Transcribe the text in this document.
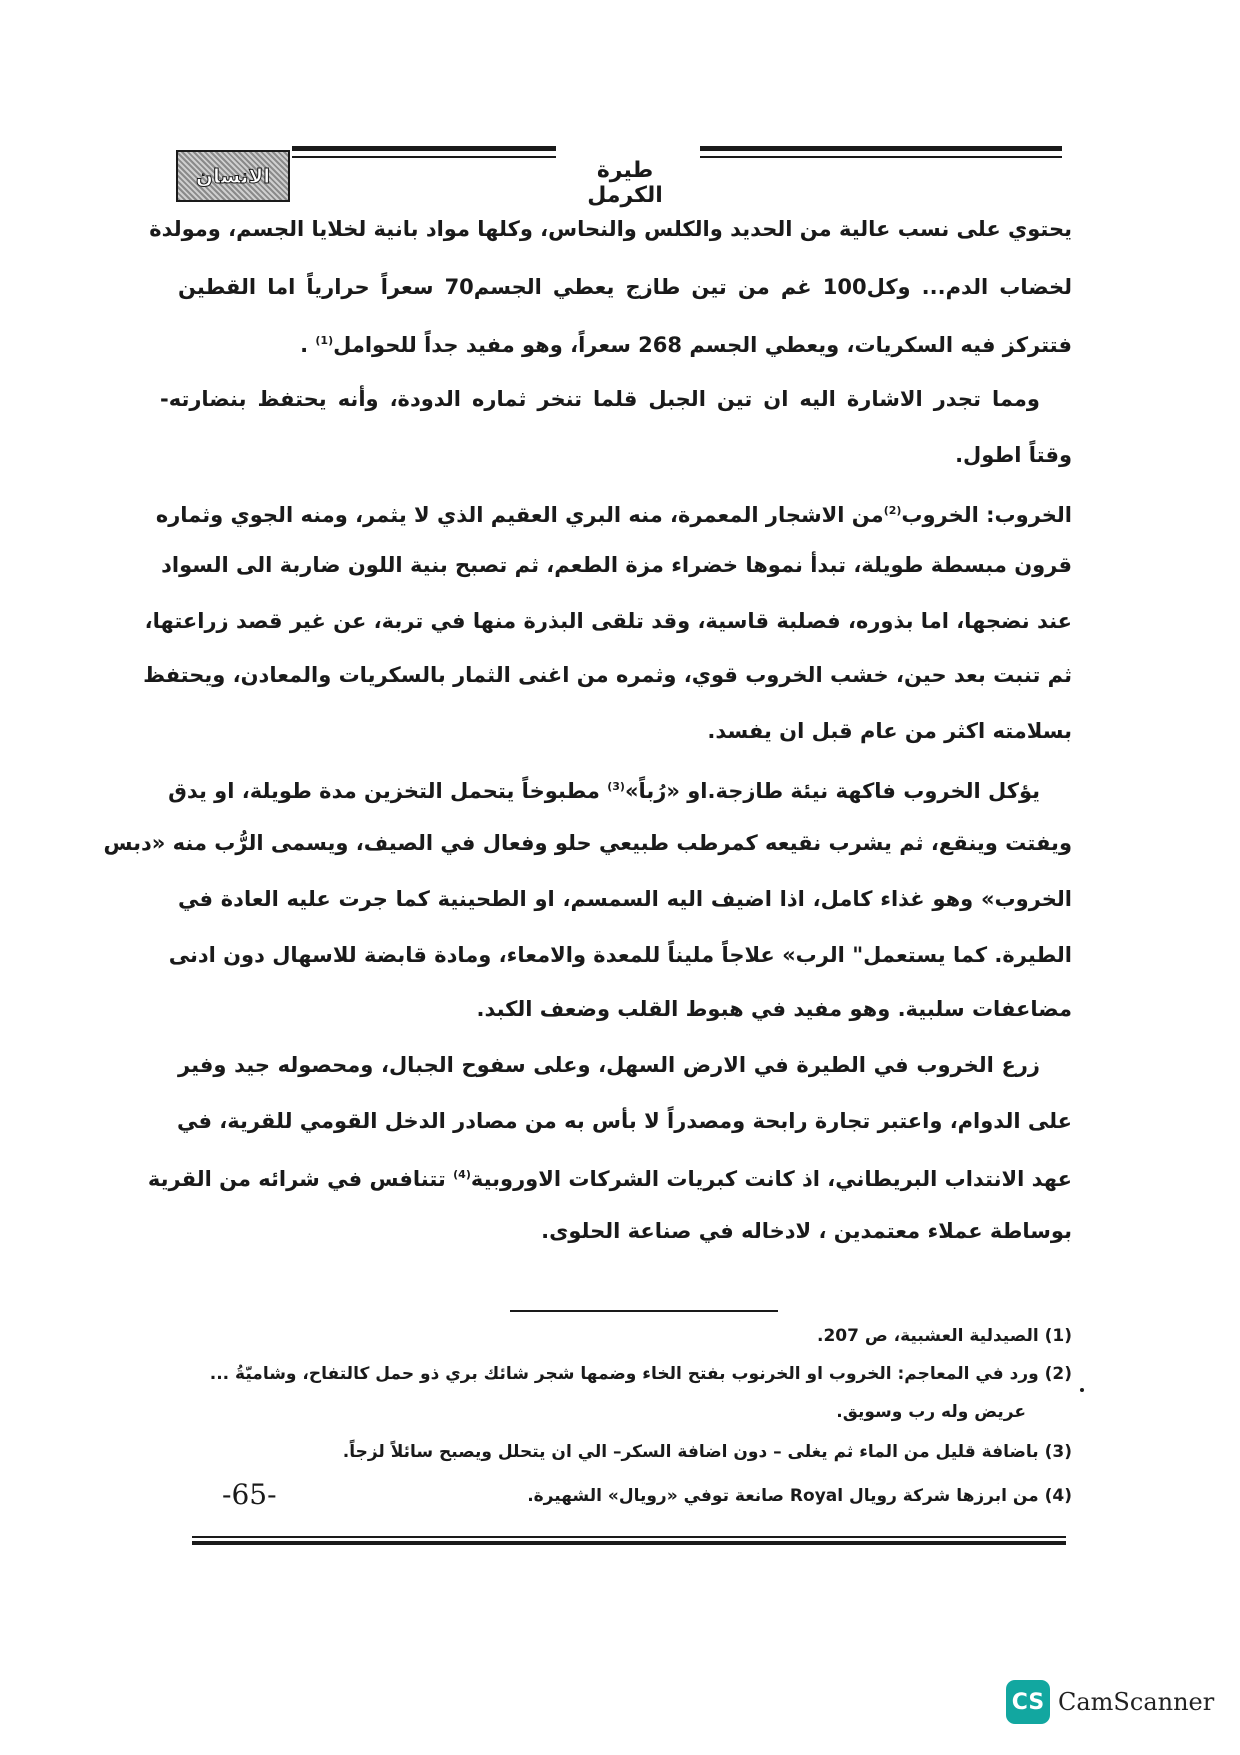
طيرة الكرمل
الانسان
يحتوي على نسب عالية من الحديد والكلس والنحاس، وكلها مواد بانية لخلايا الجسم، ومولدة
لخضاب الدم... وكل100 غم من تين طازج يعطي الجسم70 سعراً حرارياً اما القطين
فتتركز فيه السكريات، ويعطي الجسم 268 سعراً، وهو مفيد جداً للحوامل$^{(1)}$ .
ومما تجدر الاشارة اليه ان تين الجبل قلما تنخر ثماره الدودة، وأنه يحتفظ بنضارته-
وقتاً اطول.
الخروب: الخروب$^{(2)}$من الاشجار المعمرة، منه البري العقيم الذي لا يثمر، ومنه الجوي وثماره
قرون مبسطة طويلة، تبدأ نموها خضراء مزة الطعم، ثم تصبح بنية اللون ضاربة الى السواد
عند نضجها، اما بذوره، فصلبة قاسية، وقد تلقى البذرة منها في تربة، عن غير قصد زراعتها،
ثم تنبت بعد حين، خشب الخروب قوي، وثمره من اغنى الثمار بالسكريات والمعادن، ويحتفظ
بسلامته اكثر من عام قبل ان يفسد.
يؤكل الخروب فاكهة نيئة طازجة.او «رُباً»$^{(3)}$ مطبوخاً يتحمل التخزين مدة طويلة، او يدق
ويفتت وينقع، ثم يشرب نقيعه كمرطب طبيعي حلو وفعال في الصيف، ويسمى الرُّب منه «دبس
الخروب» وهو غذاء كامل، اذا اضيف اليه السمسم، او الطحينية كما جرت عليه العادة في
الطيرة. كما يستعمل" الرب» علاجاً مليناً للمعدة والامعاء، ومادة قابضة للاسهال دون ادنى
مضاعفات سلبية. وهو مفيد في هبوط القلب وضعف الكبد.
زرع الخروب في الطيرة في الارض السهل، وعلى سفوح الجبال، ومحصوله جيد وفير
على الدوام، واعتبر تجارة رابحة ومصدراً لا بأس به من مصادر الدخل القومي للقرية، في
عهد الانتداب البريطاني، اذ كانت كبريات الشركات الاوروبية$^{(4)}$ تتنافس في شرائه من القرية
بوساطة عملاء معتمدين ، لادخاله في صناعة الحلوى.
(1) الصيدلية العشبية، ص 207.
(2) ورد في المعاجم: الخروب او الخرنوب بفتح الخاء وضمها شجر شائك بري ذو حمل كالتفاح، وشاميّةُ ...
عريض وله رب وسويق.
(3) باضافة قليل من الماء ثم يغلى – دون اضافة السكر– الي ان يتحلل ويصبح سائلاً لزجاً.
(4) من ابرزها شركة رويال Royal صانعة توفي «رويال» الشهيرة.
-65-
CS CamScanner
